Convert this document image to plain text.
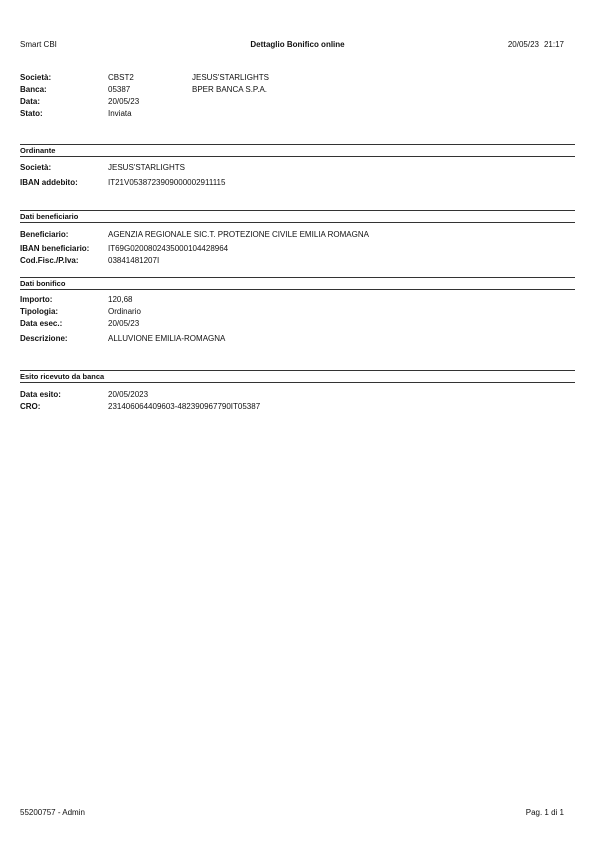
Smart CBI	Dettaglio Bonifico online	20/05/23 21:17
Società:	CBST2	JESUS'STARLIGHTS
Banca:	05387	BPER BANCA S.P.A.
Data:	20/05/23
Stato:	Inviata
Ordinante
Società:	JESUS'STARLIGHTS
IBAN addebito:	IT21V0538723909000002911115
Dati beneficiario
Beneficiario:	AGENZIA REGIONALE SIC.T. PROTEZIONE CIVILE EMILIA ROMAGNA
IBAN beneficiario: IT69G0200802435000104428964
Cod.Fisc./P.Iva:	03841481207I
Dati bonifico
Importo:	120,68
Tipologia:	Ordinario
Data esec.:	20/05/23
Descrizione:	ALLUVIONE EMILIA-ROMAGNA
Esito ricevuto da banca
Data esito:	20/05/2023
CRO:	231406064409603-482390967790IT05387
55200757 - Admin	Pag. 1 di 1
